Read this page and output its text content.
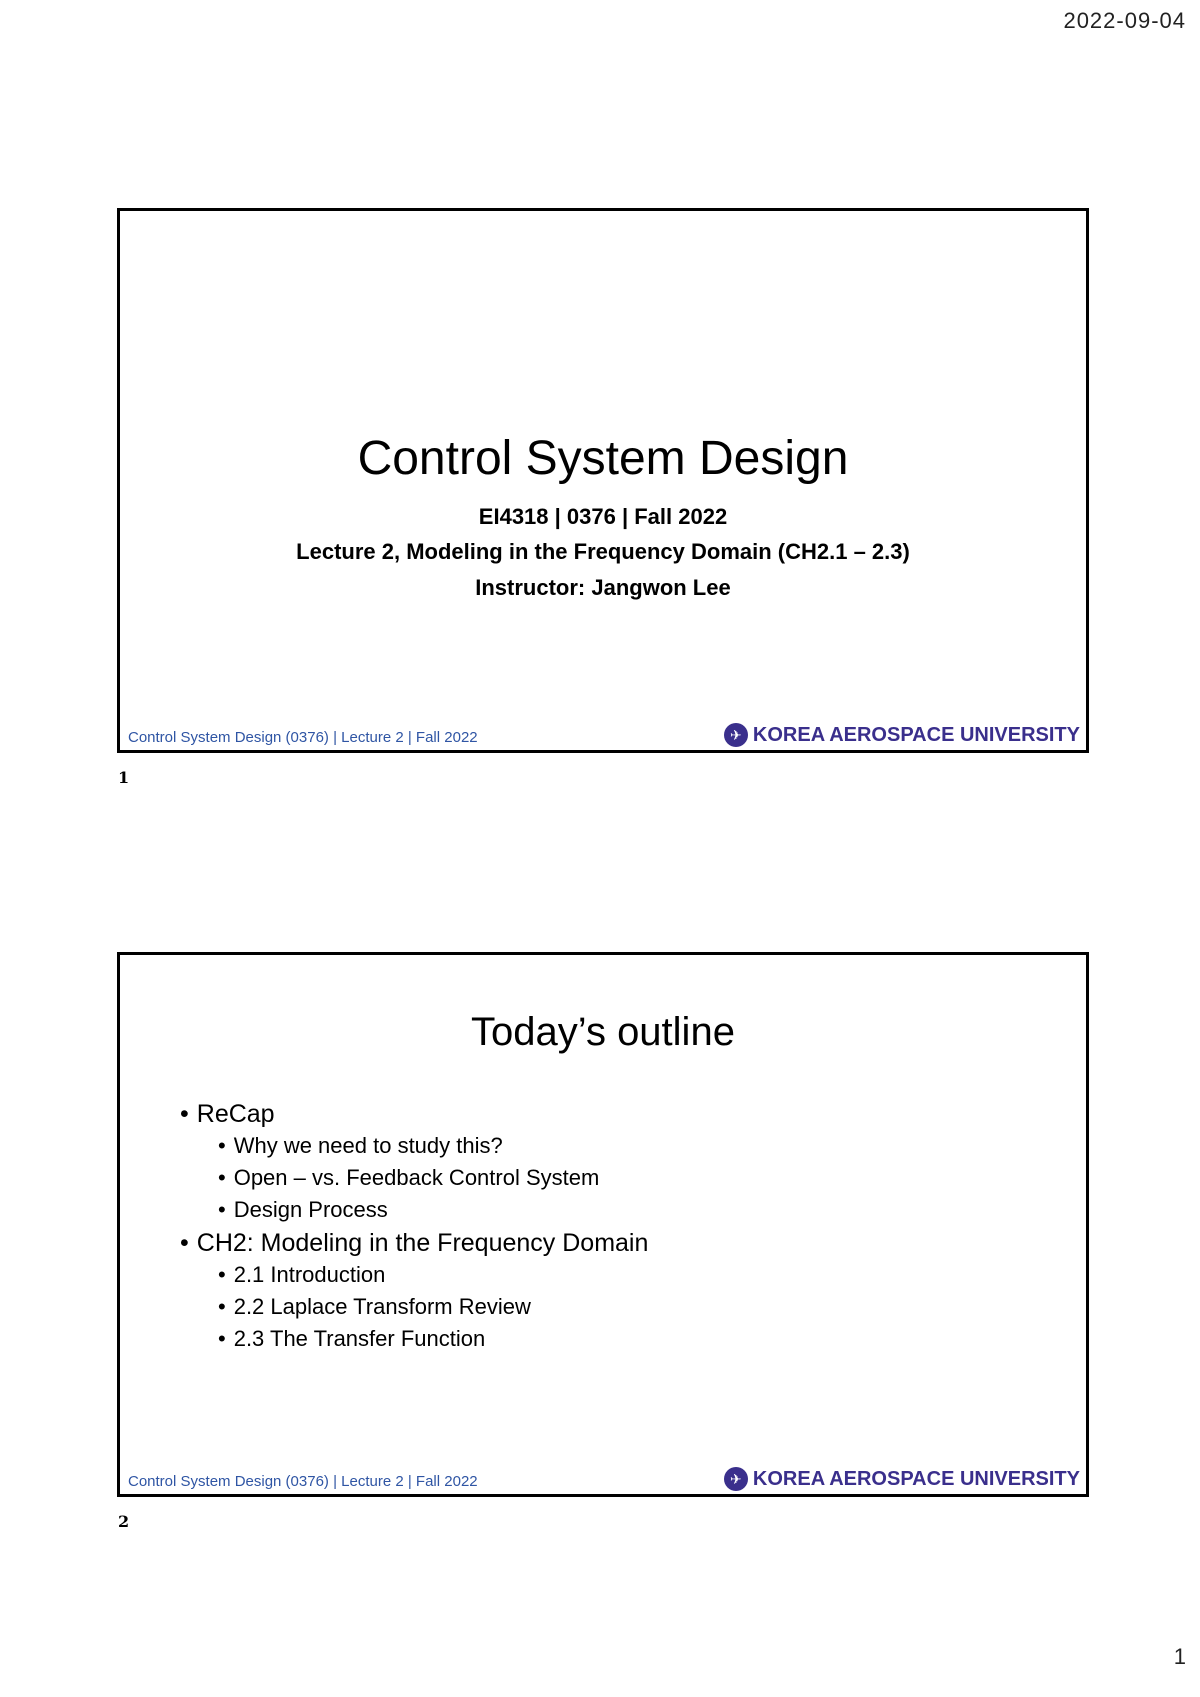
2022-09-04
Control System Design
EI4318 | 0376 | Fall 2022
Lecture 2, Modeling in the Frequency Domain (CH2.1 – 2.3)
Instructor: Jangwon Lee
Control System Design (0376) | Lecture 2 | Fall 2022	✈ KOREA AEROSPACE UNIVERSITY
1
Today’s outline
• ReCap
• Why we need to study this?
• Open – vs. Feedback Control System
• Design Process
• CH2: Modeling in the Frequency Domain
• 2.1 Introduction
• 2.2 Laplace Transform Review
• 2.3 The Transfer Function
Control System Design (0376) | Lecture 2 | Fall 2022	✈ KOREA AEROSPACE UNIVERSITY
2
1
